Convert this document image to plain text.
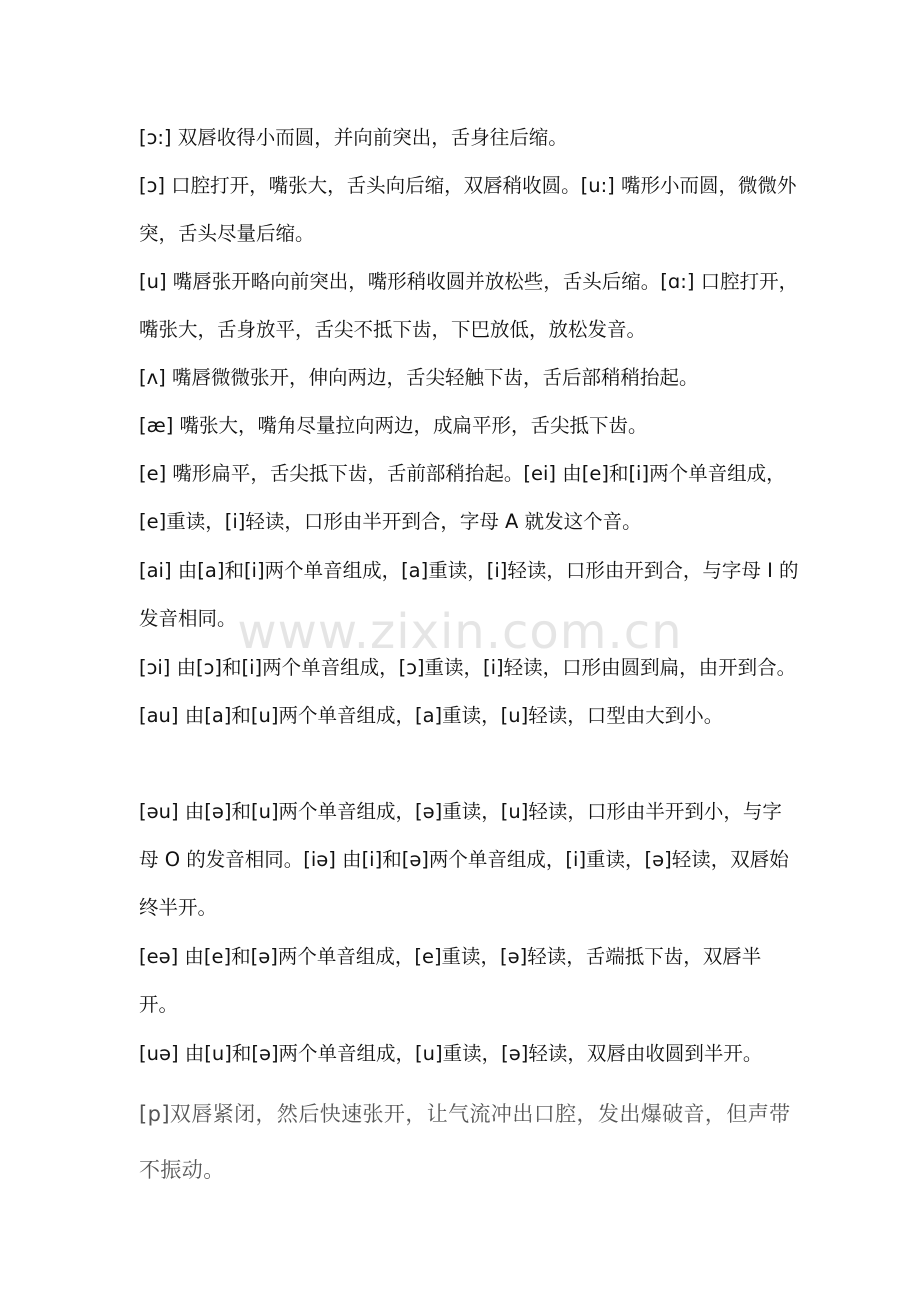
[ɔ:] 双唇收得小而圆，并向前突出，舌身往后缩。

[ɔ] 口腔打开，嘴张大，舌头向后缩，双唇稍收圆。[u:] 嘴形小而圆，微微外突，舌头尽量后缩。

[u] 嘴唇张开略向前突出，嘴形稍收圆并放松些，舌头后缩。[ɑ:] 口腔打开，嘴张大，舌身放平，舌尖不抵下齿，下巴放低，放松发音。

[ʌ] 嘴唇微微张开，伸向两边，舌尖轻触下齿，舌后部稍稍抬起。

[æ] 嘴张大，嘴角尽量拉向两边，成扁平形，舌尖抵下齿。

[e] 嘴形扁平，舌尖抵下齿，舌前部稍抬起。[ei] 由[e]和[i]两个单音组成，[e]重读，[i]轻读，口形由半开到合，字母 A 就发这个音。

[ai] 由[a]和[i]两个单音组成，[a]重读，[i]轻读，口形由开到合，与字母 I 的发音相同。

[ɔi] 由[ɔ]和[i]两个单音组成，[ɔ]重读，[i]轻读，口形由圆到扁，由开到合。[au] 由[a]和[u]两个单音组成，[a]重读，[u]轻读，口型由大到小。

[əu] 由[ə]和[u]两个单音组成，[ə]重读，[u]轻读，口形由半开到小，与字母 O 的发音相同。[iə] 由[i]和[ə]两个单音组成，[i]重读，[ə]轻读，双唇始终半开。

[eə] 由[e]和[ə]两个单音组成，[e]重读，[ə]轻读，舌端抵下齿，双唇半开。

[uə] 由[u]和[ə]两个单音组成，[u]重读，[ə]轻读，双唇由收圆到半开。

[p]双唇紧闭，然后快速张开，让气流冲出口腔，发出爆破音，但声带不振动。

www.zixin.com.cn
